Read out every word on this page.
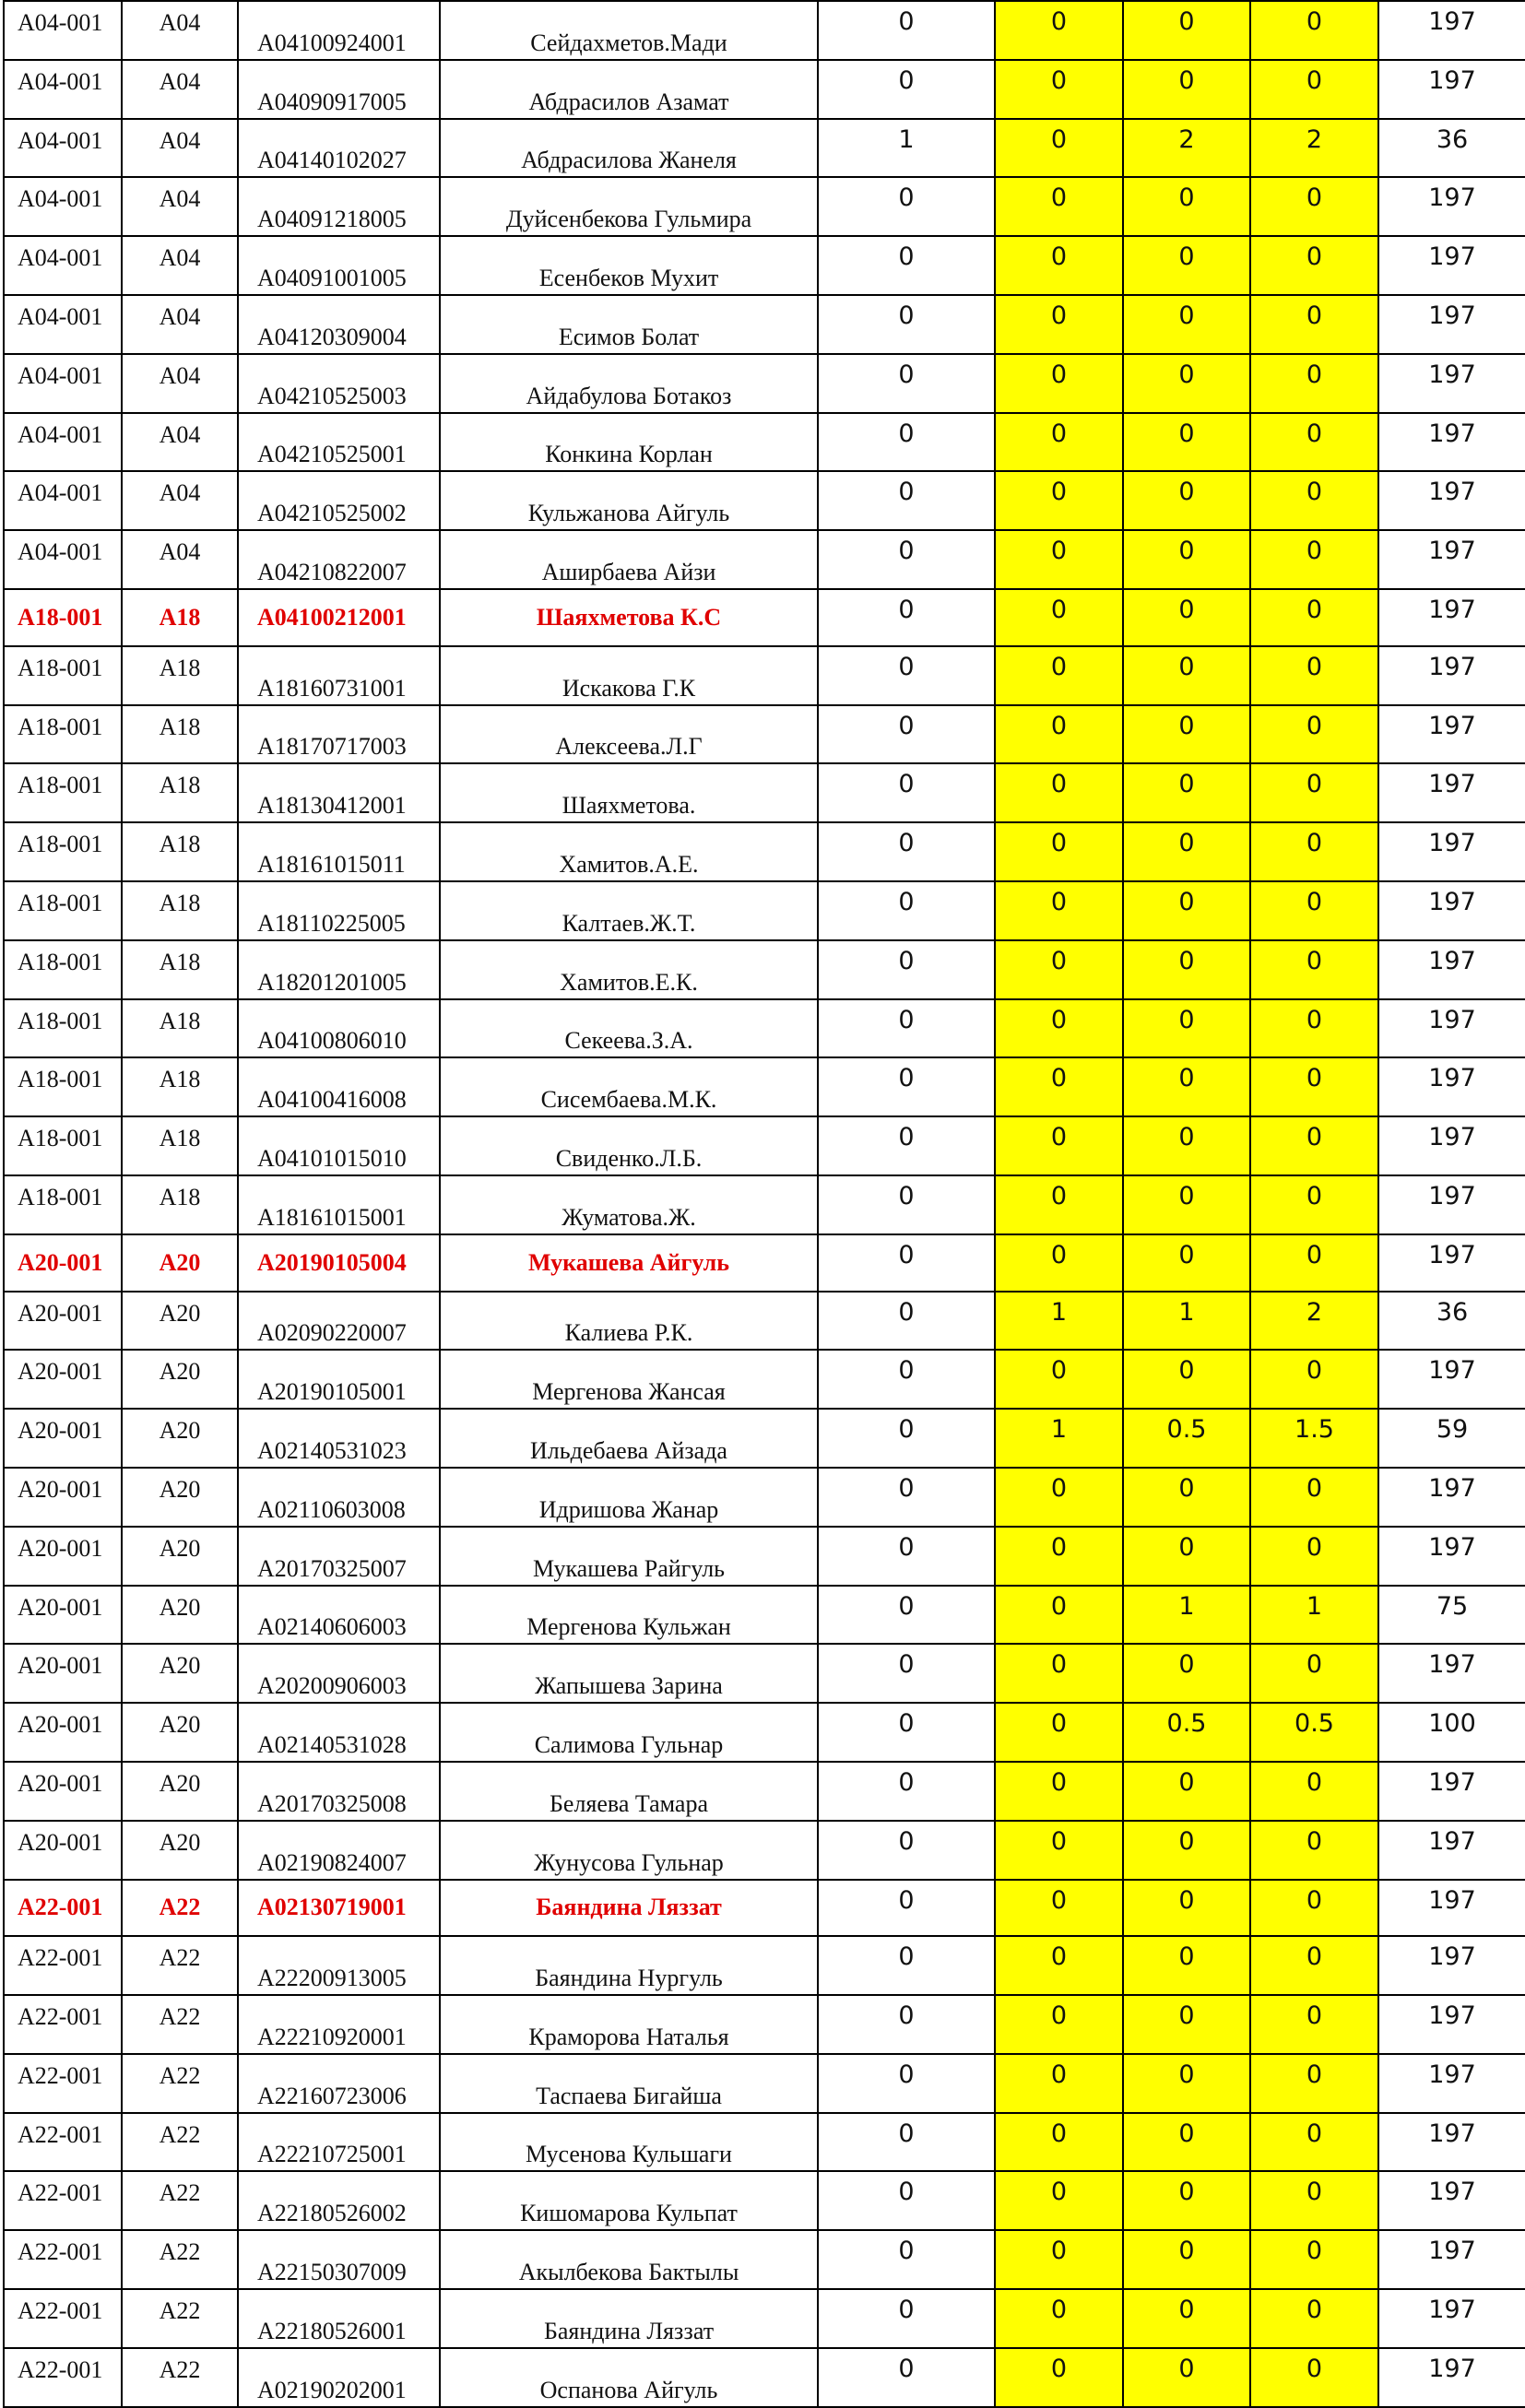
A04-001	A04	A04100924001	Сейдахметов.Мади	0	0	0	0	197
A04-001	A04	A04090917005	Абдрасилов Азамат	0	0	0	0	197
A04-001	A04	A04140102027	Абдрасилова Жанеля	1	0	2	2	36
A04-001	A04	A04091218005	Дуйсенбекова Гульмира	0	0	0	0	197
A04-001	A04	A04091001005	Есенбеков Мухит	0	0	0	0	197
A04-001	A04	A04120309004	Есимов Болат	0	0	0	0	197
A04-001	A04	A04210525003	Айдабулова Ботакоз	0	0	0	0	197
A04-001	A04	A04210525001	Конкина Корлан	0	0	0	0	197
A04-001	A04	A04210525002	Кульжанова Айгуль	0	0	0	0	197
A04-001	A04	A04210822007	Аширбаева Айзи	0	0	0	0	197
A18-001	A18	A04100212001	Шаяхметова К.С	0	0	0	0	197
A18-001	A18	A18160731001	Искакова Г.К	0	0	0	0	197
A18-001	A18	A18170717003	Алексеева.Л.Г	0	0	0	0	197
A18-001	A18	A18130412001	Шаяхметова.	0	0	0	0	197
A18-001	A18	A18161015011	Хамитов.А.Е.	0	0	0	0	197
A18-001	A18	A18110225005	Калтаев.Ж.Т.	0	0	0	0	197
A18-001	A18	A18201201005	Хамитов.Е.К.	0	0	0	0	197
A18-001	A18	A04100806010	Секеева.З.А.	0	0	0	0	197
A18-001	A18	A04100416008	Сисембаева.М.К.	0	0	0	0	197
A18-001	A18	A04101015010	Свиденко.Л.Б.	0	0	0	0	197
A18-001	A18	A18161015001	Жуматова.Ж.	0	0	0	0	197
A20-001	A20	A20190105004	Мукашева Айгуль	0	0	0	0	197
A20-001	A20	A02090220007	Калиева Р.К.	0	1	1	2	36
A20-001	A20	A20190105001	Мергенова Жансая	0	0	0	0	197
A20-001	A20	A02140531023	Ильдебаева Айзада	0	1	0.5	1.5	59
A20-001	A20	A02110603008	Идришова Жанар	0	0	0	0	197
A20-001	A20	A20170325007	Мукашева Райгуль	0	0	0	0	197
A20-001	A20	A02140606003	Мергенова Кульжан	0	0	1	1	75
A20-001	A20	A20200906003	Жапышева Зарина	0	0	0	0	197
A20-001	A20	A02140531028	Салимова Гульнар	0	0	0.5	0.5	100
A20-001	A20	A20170325008	Беляева Тамара	0	0	0	0	197
A20-001	A20	A02190824007	Жунусова Гульнар	0	0	0	0	197
A22-001	A22	A02130719001	Баяндина Ляззат	0	0	0	0	197
A22-001	A22	A22200913005	Баяндина Нургуль	0	0	0	0	197
A22-001	A22	A22210920001	Краморова Наталья	0	0	0	0	197
A22-001	A22	A22160723006	Таспаева Бигайша	0	0	0	0	197
A22-001	A22	A22210725001	Мусенова Кульшаги	0	0	0	0	197
A22-001	A22	A22180526002	Кишомарова Кульпат	0	0	0	0	197
A22-001	A22	A22150307009	Акылбекова Бактылы	0	0	0	0	197
A22-001	A22	A22180526001	Баяндина Ляззат	0	0	0	0	197
A22-001	A22	A02190202001	Оспанова Айгуль	0	0	0	0	197
